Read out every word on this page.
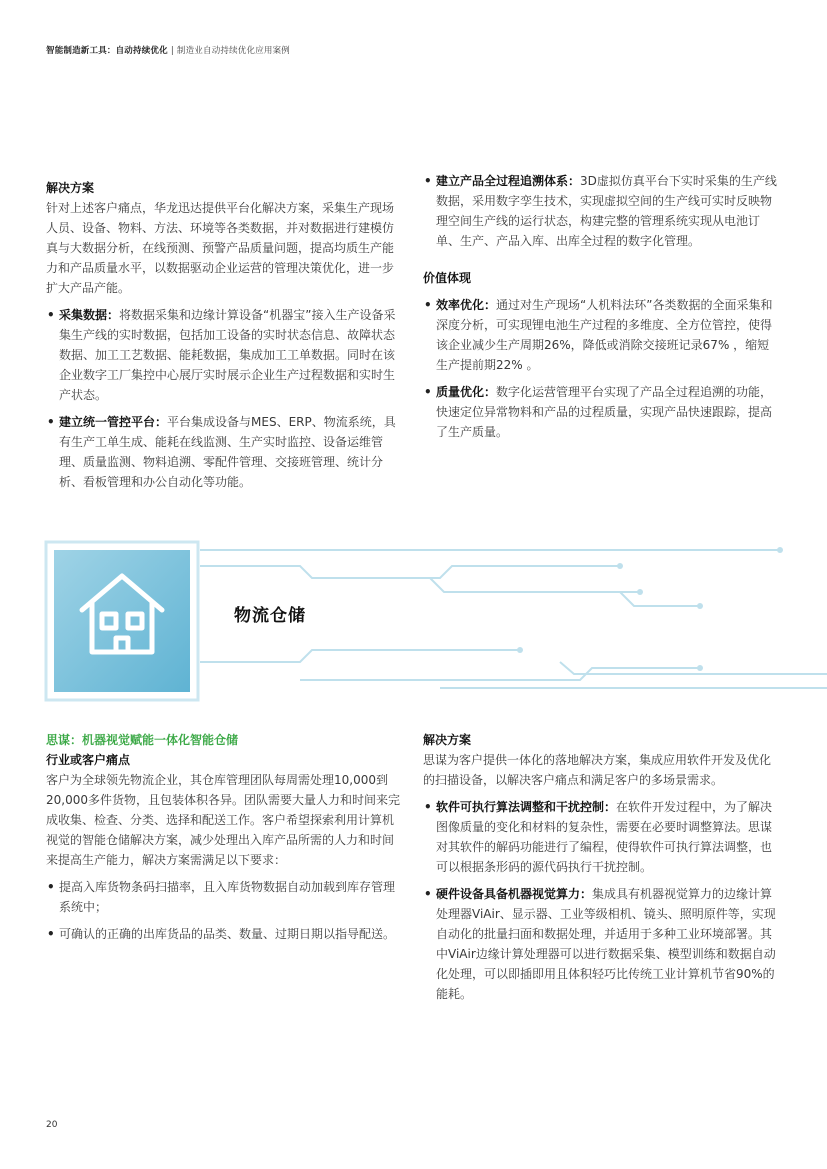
智能制造新工具：自动持续优化 | 制造业自动持续优化应用案例

解决方案

针对上述客户痛点，华龙迅达提供平台化解决方案，采集生产现场人员、设备、物料、方法、环境等各类数据，并对数据进行建模仿真与大数据分析，在线预测、预警产品质量问题，提高均质生产能力和产品质量水平，以数据驱动企业运营的管理决策优化，进一步扩大产品产能。

• 采集数据：将数据采集和边缘计算设备“机器宝”接入生产设备采集生产线的实时数据，包括加工设备的实时状态信息、故障状态数据、加工工艺数据、能耗数据，集成加工工单数据。同时在该企业数字工厂集控中心展厅实时展示企业生产过程数据和实时生产状态。
• 建立统一管控平台：平台集成设备与MES、ERP、物流系统，具有生产工单生成、能耗在线监测、生产实时监控、设备运维管理、质量监测、物料追溯、零配件管理、交接班管理、统计分析、看板管理和办公自动化等功能。
• 建立产品全过程追溯体系：3D虚拟仿真平台下实时采集的生产线数据，采用数字孪生技术，实现虚拟空间的生产线可实时反映物理空间生产线的运行状态，构建完整的管理系统实现从电池订单、生产、产品入库、出库全过程的数字化管理。

价值体现

• 效率优化：通过对生产现场“人机料法环”各类数据的全面采集和深度分析，可实现锂电池生产过程的多维度、全方位管控，使得该企业减少生产周期26%，降低或消除交接班记录67% ，缩短生产提前期22% 。
• 质量优化：数字化运营管理平台实现了产品全过程追溯的功能，快速定位异常物料和产品的过程质量，实现产品快速跟踪，提高了生产质量。
物流仓储

思谋：机器视觉赋能一体化智能仓储

行业或客户痛点

客户为全球领先物流企业，其仓库管理团队每周需处理10,000到20,000多件货物，且包装体积各异。团队需要大量人力和时间来完成收集、检查、分类、选择和配送工作。客户希望探索利用计算机视觉的智能仓储解决方案，减少处理出入库产品所需的人力和时间来提高生产能力，解决方案需满足以下要求：

• 提高入库货物条码扫描率，且入库货物数据自动加载到库存管理系统中；
• 可确认的正确的出库货品的品类、数量、过期日期以指导配送。

解决方案

思谋为客户提供一体化的落地解决方案，集成应用软件开发及优化的扫描设备，以解决客户痛点和满足客户的多场景需求。

• 软件可执行算法调整和干扰控制：在软件开发过程中，为了解决图像质量的变化和材料的复杂性，需要在必要时调整算法。思谋对其软件的解码功能进行了编程，使得软件可执行算法调整，也可以根据条形码的源代码执行干扰控制。
• 硬件设备具备机器视觉算力：集成具有机器视觉算力的边缘计算处理器ViAir、显示器、工业等级相机、镜头、照明原件等，实现自动化的批量扫面和数据处理，并适用于多种工业环境部署。其中ViAir边缘计算处理器可以进行数据采集、模型训练和数据自动化处理，可以即插即用且体积轻巧比传统工业计算机节省90%的能耗。
20
